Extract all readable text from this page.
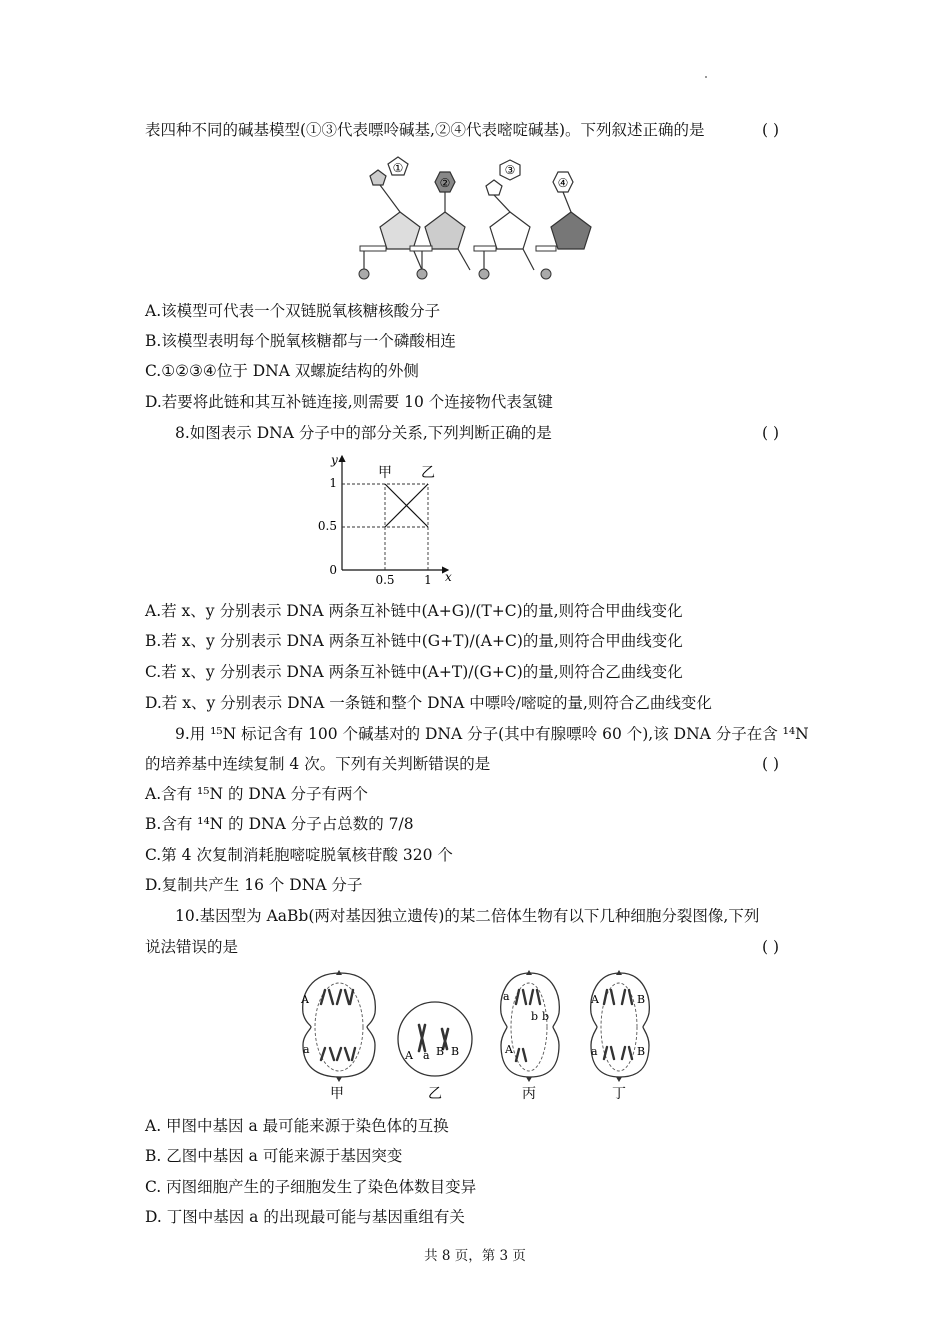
表四种不同的碱基模型(①③代表嘌呤碱基,②④代表嘧啶碱基)。下列叙述正确的是	( )
①
②
③
④
A.该模型可代表一个双链脱氧核糖核酸分子
B.该模型表明每个脱氧核糖都与一个磷酸相连
C.①②③④位于 DNA 双螺旋结构的外侧
D.若要将此链和其互补链连接,则需要 10 个连接物代表氢键
8.如图表示 DNA 分子中的部分关系,下列判断正确的是	( )
y
x
甲 乙
1
0.5
0
0.5 1
A.若 x、y 分别表示 DNA 两条互补链中(A+G)/(T+C)的量,则符合甲曲线变化
B.若 x、y 分别表示 DNA 两条互补链中(G+T)/(A+C)的量,则符合甲曲线变化
C.若 x、y 分别表示 DNA 两条互补链中(A+T)/(G+C)的量,则符合乙曲线变化
D.若 x、y 分别表示 DNA 一条链和整个 DNA 中嘌呤/嘧啶的量,则符合乙曲线变化
9.用 ¹⁵N 标记含有 100 个碱基对的 DNA 分子(其中有腺嘌呤 60 个),该 DNA 分子在含 ¹⁴N
的培养基中连续复制 4 次。下列有关判断错误的是	( )
A.含有 ¹⁵N 的 DNA 分子有两个
B.含有 ¹⁴N 的 DNA 分子占总数的 7/8
C.第 4 次复制消耗胞嘧啶脱氧核苷酸 320 个
D.复制共产生 16 个 DNA 分子
10.基因型为 AaBb(两对基因独立遗传)的某二倍体生物有以下几种细胞分裂图像,下列
说法错误的是	( )
A
a
甲
A a B B
乙
a
b b
A
丙
A	B
a	B
丁
A. 甲图中基因 a 最可能来源于染色体的互换
B. 乙图中基因 a 可能来源于基因突变
C. 丙图细胞产生的子细胞发生了染色体数目变异
D. 丁图中基因 a 的出现最可能与基因重组有关
共 8 页，第 3 页
